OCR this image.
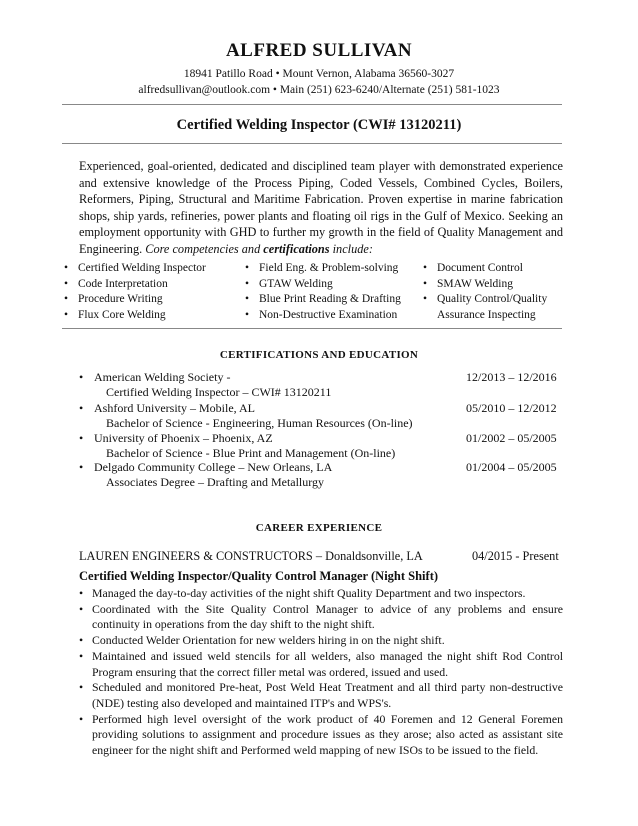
ALFRED SULLIVAN
18941 Patillo Road • Mount Vernon, Alabama 36560-3027
alfredsullivan@outlook.com • Main (251) 623-6240/Alternate (251) 581-1023
Certified Welding Inspector (CWI# 13120211)
Experienced, goal-oriented, dedicated and disciplined team player with demonstrated experience and extensive knowledge of the Process Piping, Coded Vessels, Combined Cycles, Boilers, Reformers, Piping, Structural and Maritime Fabrication. Proven expertise in marine fabrication shops, ship yards, refineries, power plants and floating oil rigs in the Gulf of Mexico. Seeking an employment opportunity with GHD to further my growth in the field of Quality Management and Engineering. Core competencies and certifications include:
• Certified Welding Inspector
• Code Interpretation
• Procedure Writing
• Flux Core Welding
• Field Eng. & Problem-solving
• GTAW Welding
• Blue Print Reading & Drafting
• Non-Destructive Examination
• Document Control
• SMAW Welding
• Quality Control/Quality Assurance Inspecting
CERTIFICATIONS AND EDUCATION
• American Welding Society -
Certified Welding Inspector – CWI# 13120211
12/2013 – 12/2016
• Ashford University – Mobile, AL
Bachelor of Science - Engineering, Human Resources (On-line)
05/2010 – 12/2012
• University of Phoenix – Phoenix, AZ
Bachelor of Science - Blue Print and Management (On-line)
01/2002 – 05/2005
• Delgado Community College – New Orleans, LA
Associates Degree – Drafting and Metallurgy
01/2004 – 05/2005
CAREER EXPERIENCE
LAUREN ENGINEERS & CONSTRUCTORS – Donaldsonville, LA	04/2015 - Present
Certified Welding Inspector/Quality Control Manager (Night Shift)
• Managed the day-to-day activities of the night shift Quality Department and two inspectors.
• Coordinated with the Site Quality Control Manager to advice of any problems and ensure continuity in operations from the day shift to the night shift.
• Conducted Welder Orientation for new welders hiring in on the night shift.
• Maintained and issued weld stencils for all welders, also managed the night shift Rod Control Program ensuring that the correct filler metal was ordered, issued and used.
• Scheduled and monitored Pre-heat, Post Weld Heat Treatment and all third party non-destructive (NDE) testing also developed and maintained ITP's and WPS's.
• Performed high level oversight of the work product of 40 Foremen and 12 General Foremen providing solutions to assignment and procedure issues as they arose; also acted as assistant site engineer for the night shift and Performed weld mapping of new ISOs to be issued to the field.
